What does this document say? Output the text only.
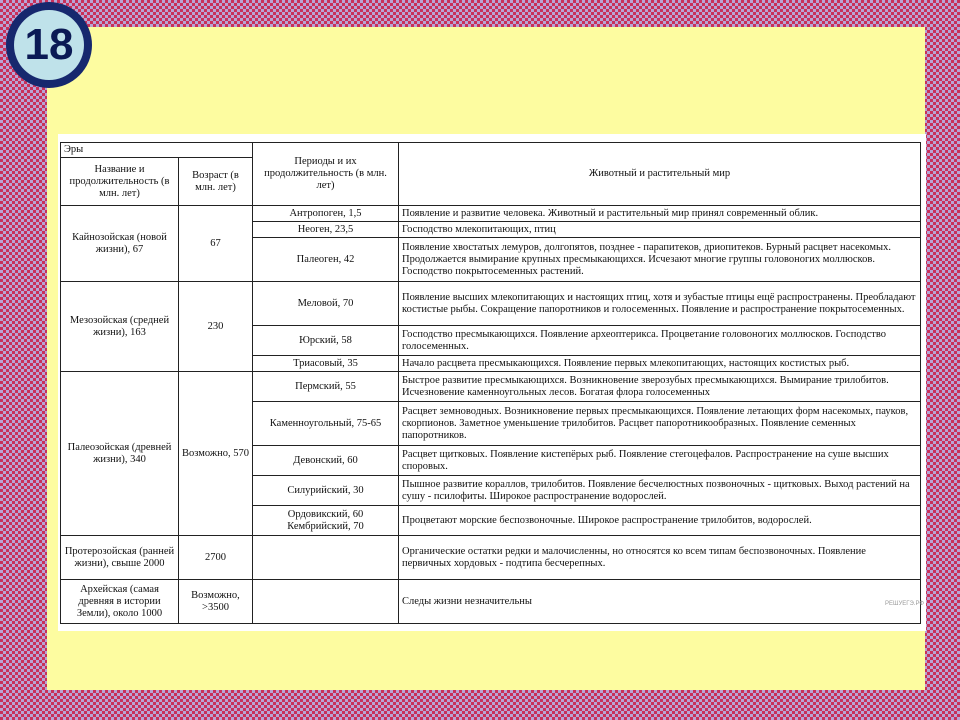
18
Эры		Периоды и их продолжительность (в млн. лет)	Животный и растительный мир
Название и продолжительность (в млн. лет)	Возраст (в млн. лет)		
Кайнозойская (новой жизни), 67	67	Антропоген, 1,5	Появление и развитие человека. Животный и растительный мир принял современный облик.
		Неоген, 23,5	Господство млекопитающих, птиц
		Палеоген, 42	Появление хвостатых лемуров, долгопятов, позднее - парапитеков, дриопитеков. Бурный расцвет насекомых. Продолжается вымирание крупных пресмыкающихся. Исчезают многие группы головоногих моллюсков. Господство покрытосеменных растений.
Мезозойская (средней жизни), 163	230	Меловой, 70	Появление высших млекопитающих и настоящих птиц, хотя и зубастые птицы ещё распространены. Преобладают костистые рыбы. Сокращение папоротников и голосеменных. Появление и распространение покрытосеменных.
		Юрский, 58	Господство пресмыкающихся. Появление археоптерикса. Процветание головоногих моллюсков. Господство голосеменных.
		Триасовый, 35	Начало расцвета пресмыкающихся. Появление первых млекопитающих, настоящих костистых рыб.
Палеозойская (древней жизни), 340	Возможно, 570	Пермский, 55	Быстрое развитие пресмыкающихся. Возникновение зверозубых пресмыкающихся. Вымирание трилобитов. Исчезновение каменноугольных лесов. Богатая флора голосеменных
		Каменноугольный, 75-65	Расцвет земноводных. Возникновение первых пресмыкающихся. Появление летающих форм насекомых, пауков, скорпионов. Заметное уменьшение трилобитов. Расцвет папоротникообразных. Появление семенных папоротников.
		Девонский, 60	Расцвет щитковых. Появление кистепёрых рыб. Появление стегоцефалов. Распространение на суше высших споровых.
		Силурийский, 30	Пышное развитие кораллов, трилобитов. Появление бесчелюстных позвоночных - щитковых. Выход растений на сушу - псилофиты. Широкое распространение водорослей.
		Ордовикский, 60 Кембрийский, 70	Процветают морские беспозвоночные. Широкое распространение трилобитов, водорослей.
Протерозойская (ранней жизни), свыше 2000	2700		Органические остатки редки и малочисленны, но относятся ко всем типам беспозвоночных. Появление первичных хордовых - подтипа бесчерепных.
Архейская (самая древняя в истории Земли), около 1000	Возможно, >3500		Следы жизни незначительны	РЕШУЕГЭ.РФ
